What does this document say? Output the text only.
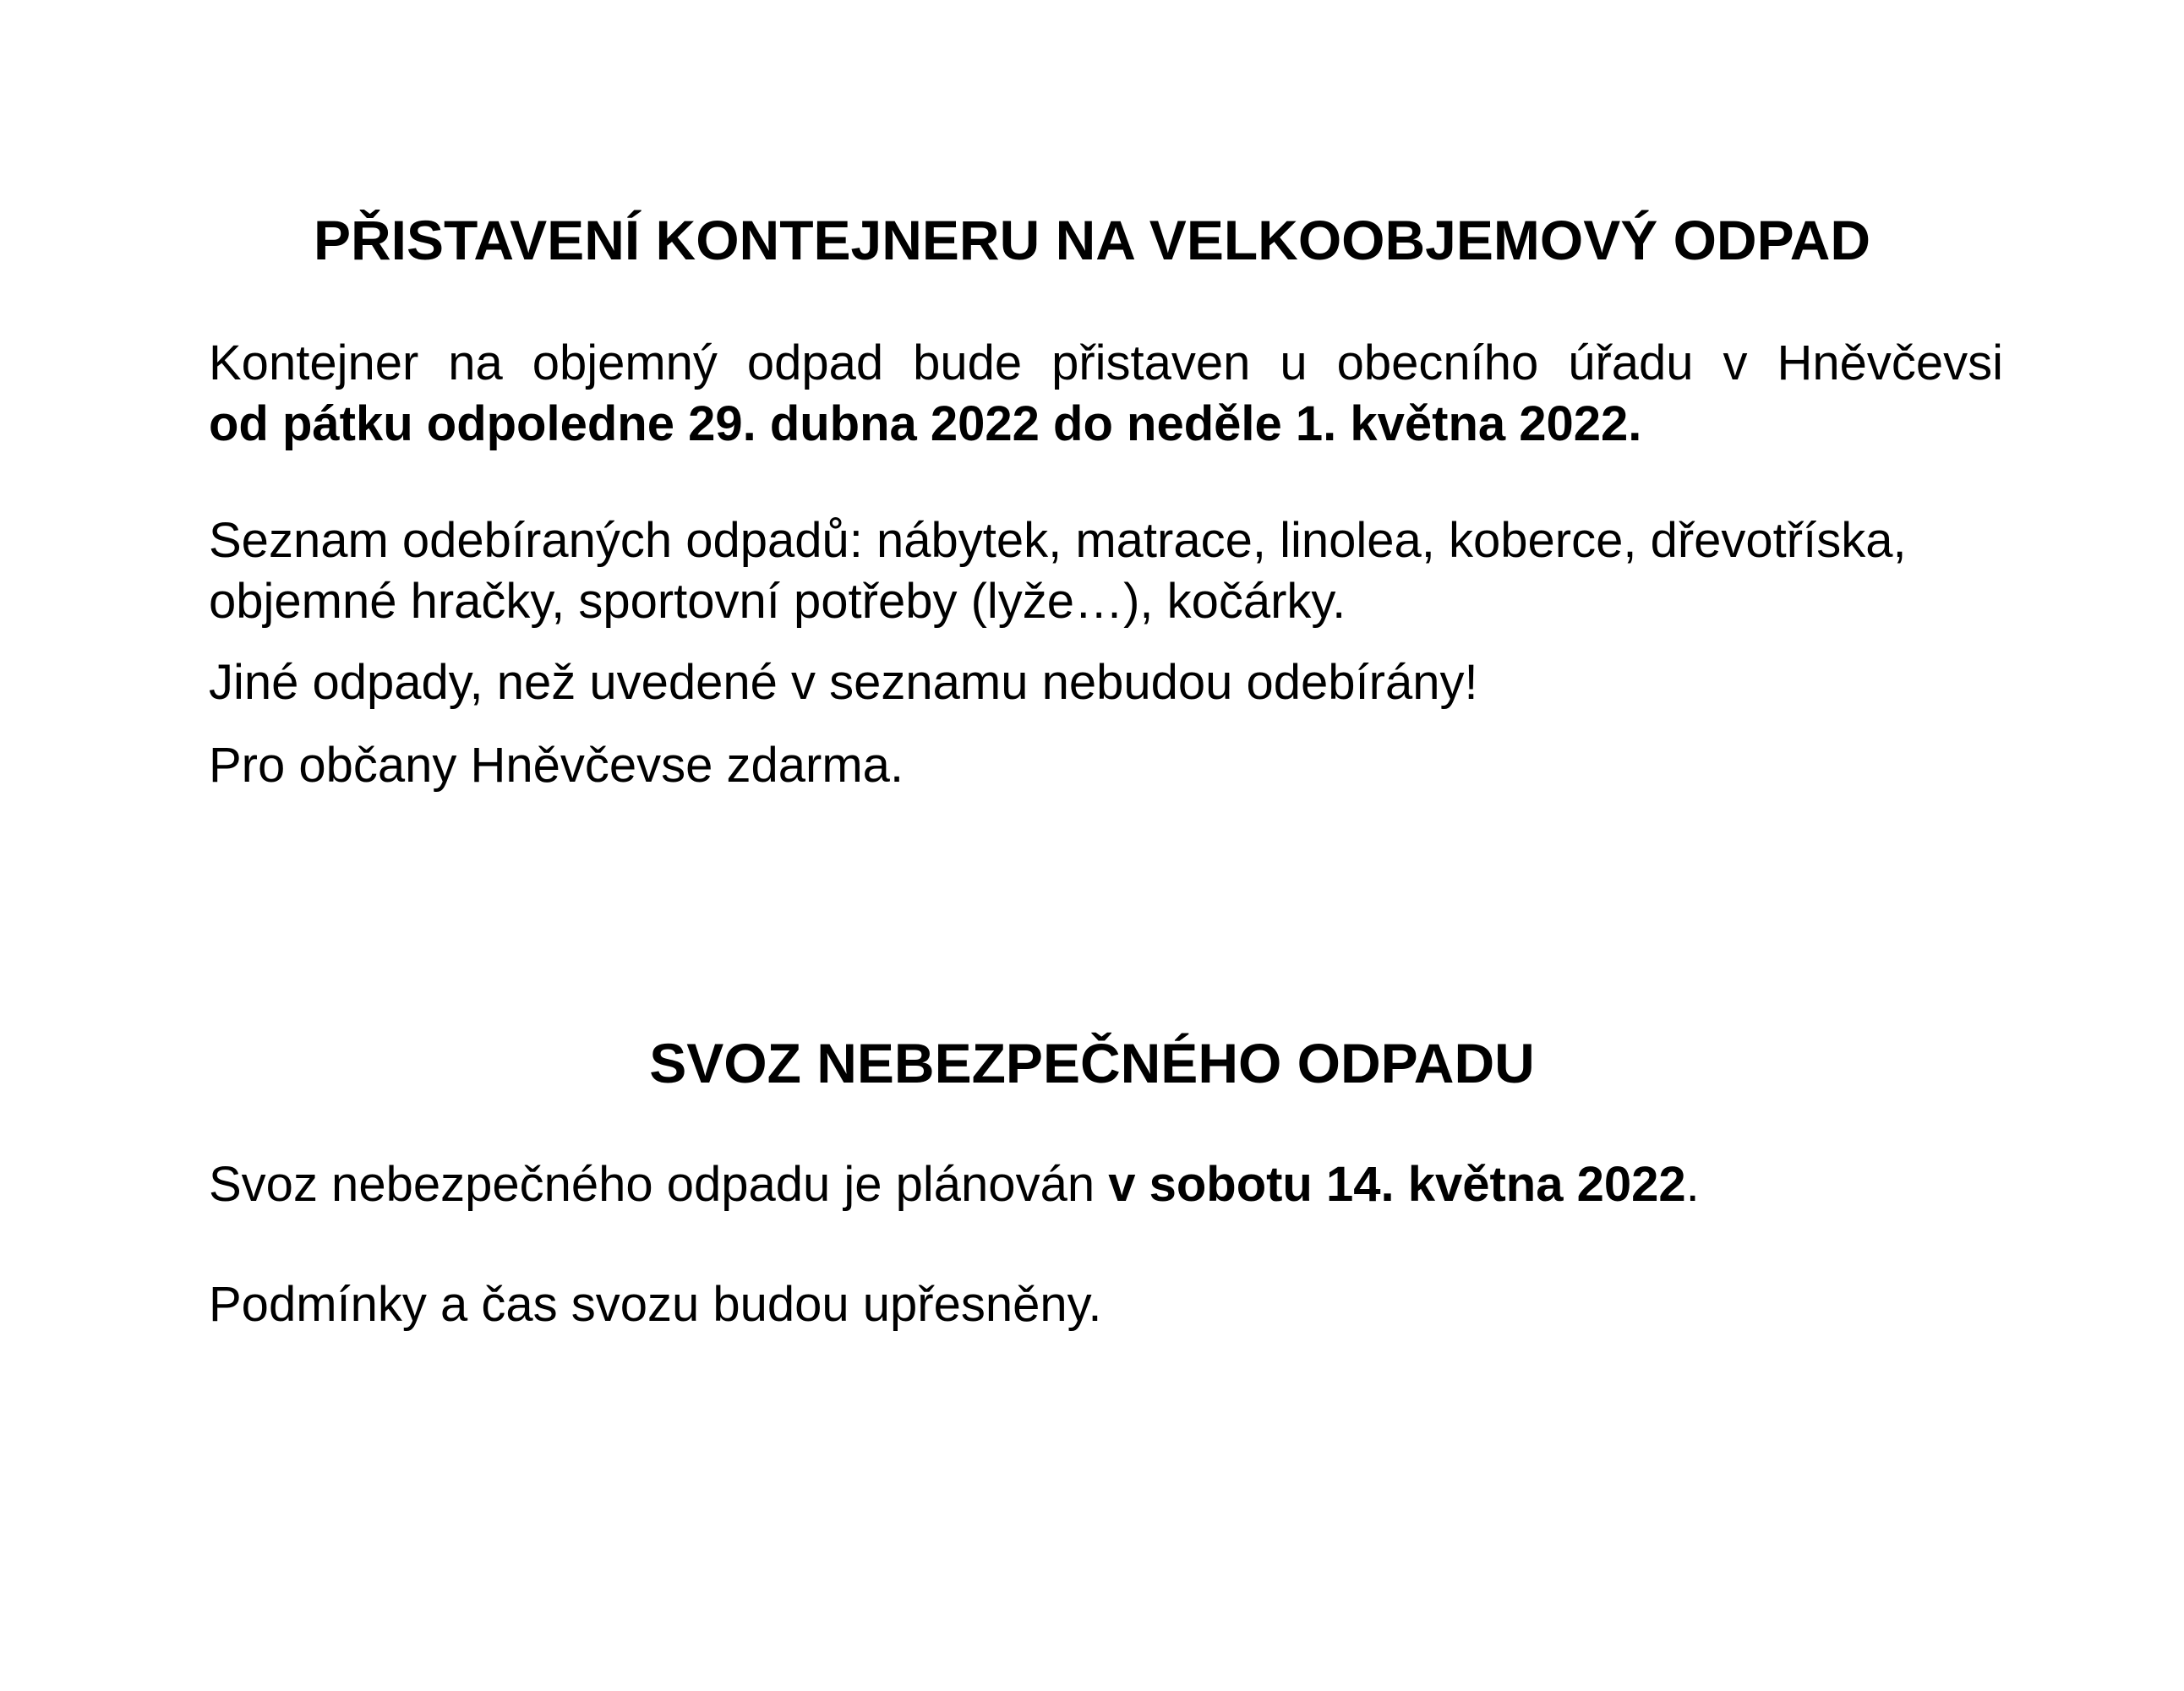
PŘISTAVENÍ KONTEJNERU NA VELKOOBJEMOVÝ ODPAD

Kontejner na objemný odpad bude přistaven u obecního úřadu v Hněvčevsi
od pátku odpoledne 29. dubna 2022 do neděle 1. května 2022.

Seznam odebíraných odpadů: nábytek, matrace, linolea, koberce, dřevotříska,
objemné hračky, sportovní potřeby (lyže…), kočárky.

Jiné odpady, než uvedené v seznamu nebudou odebírány!

Pro občany Hněvčevse zdarma.

SVOZ NEBEZPEČNÉHO ODPADU

Svoz nebezpečného odpadu je plánován v sobotu 14. května 2022.

Podmínky a čas svozu budou upřesněny.
